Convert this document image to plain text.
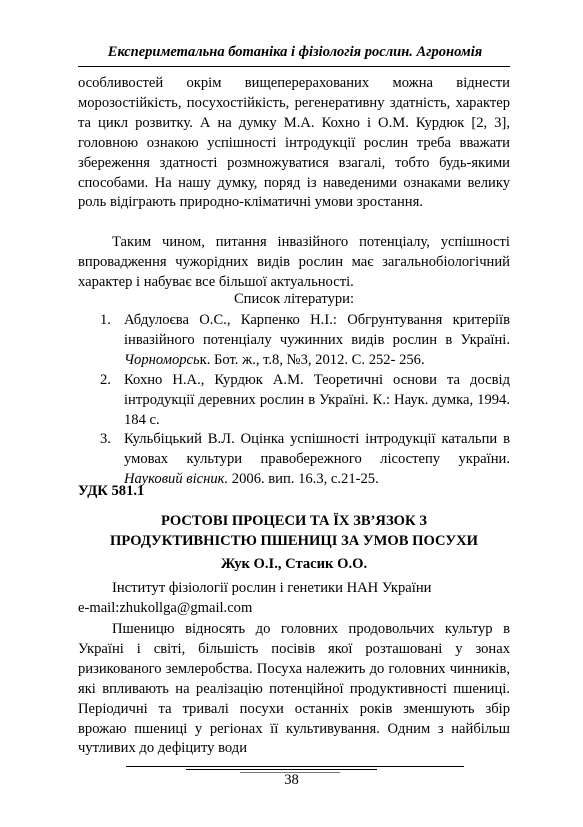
Експериметальна ботаніка і фізіологія рослин. Агрономія
особливостей окрім вищеперерахованих можна віднести морозостійкість, посухостійкість, регенеративну здатність, характер та цикл розвитку. А на думку М.А. Кохно і О.М. Курдюк [2, 3], головною ознакою успішності інтродукції рослин треба вважати збереження здатності розмножуватися взагалі, тобто будь-якими способами. На нашу думку, поряд із наведеними ознаками велику роль відіграють природно-кліматичні умови зростання.
Таким чином, питання інвазійного потенціалу, успішності впровадження чужорідних видів рослин має загальнобіологічний характер і набуває все більшої актуальності.
Список літератури:
1. Абдулоєва О.С., Карпенко Н.І.: Обгрунтування критеріїв інвазійного потенціалу чужинних видів рослин в Україні. Чорноморськ. Бот. ж., т.8, №3, 2012. С. 252- 256.
2. Кохно Н.А., Курдюк А.М. Теоретичні основи та досвід інтродукції деревних рослин в Україні. К.: Наук. думка, 1994. 184 с.
3. Кульбіцький В.Л. Оцінка успішності інтродукції катальпи в умовах культури правобережного лісостепу україни. Науковий вісник. 2006. вип. 16.3, с.21-25.
УДК 581.1
РОСТОВІ ПРОЦЕСИ ТА ЇХ ЗВ’ЯЗОК З
ПРОДУКТИВНІСТЮ ПШЕНИЦІ ЗА УМОВ ПОСУХИ
Жук О.І., Стасик О.О.
Інститут фізіології рослин і генетики НАН України
e-mail:zhukollga@gmail.com
Пшеницю відносять до головних продовольчих культур в Україні і світі, більшість посівів якої розташовані у зонах ризикованого землеробства. Посуха належить до головних чинників, які впливають на реалізацію потенційної продуктивності пшениці. Періодичні та тривалі посухи останніх років зменшують збір врожаю пшениці у регіонах її культивування. Одним з найбільш чутливих до дефіциту води
38
